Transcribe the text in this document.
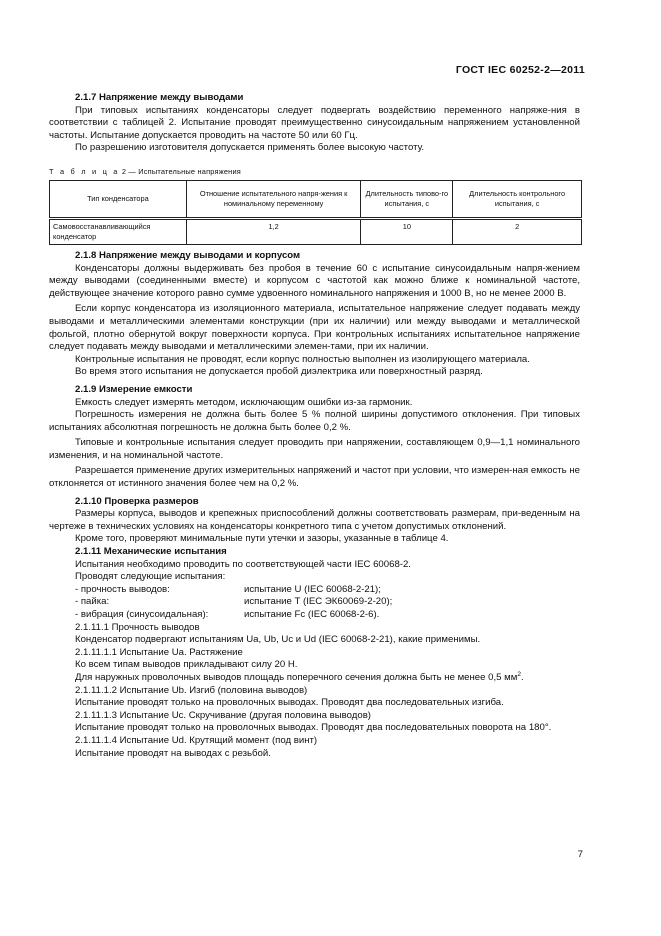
ГОСТ IEC 60252-2—2011
2.1.7 Напряжение между выводами

При типовых испытаниях конденсаторы следует подвергать воздействию переменного напряже-ния в соответствии с таблицей 2. Испытание проводят преимущественно синусоидальным напряжением установленной частоты. Испытание допускается проводить на частоте 50 или 60 Гц.

По разрешению изготовителя допускается применять более высокую частоту.

Т а б л и ц а 2 — Испытательные напряжения
Тип конденсатора	Отношение испытательного напря-жения к номинальному переменному	Длительность типово-го испытания, с	Длительность контрольного испытания, с
Самовосстанавливающийся конденсатор	1,2	10	2
2.1.8 Напряжение между выводами и корпусом

Конденсаторы должны выдерживать без пробоя в течение 60 с испытание синусоидальным напря-жением между выводами (соединенными вместе) и корпусом с частотой как можно ближе к номинальной частоте, действующее значение которого равно сумме удвоенного номинального напряжения и 1000 В, но не менее 2000 В.

Если корпус конденсатора из изоляционного материала, испытательное напряжение следует подавать между выводами и металлическими элементами конструкции (при их наличии) или между выводами и металлической фольгой, плотно обернутой вокруг поверхности корпуса. При контрольных испытаниях испытательное напряжение следует подавать между выводами и металлическими элемен-тами, при их наличии.

Контрольные испытания не проводят, если корпус полностью выполнен из изолирующего материала.

Во время этого испытания не допускается пробой диэлектрика или поверхностный разряд.

2.1.9 Измерение емкости

Емкость следует измерять методом, исключающим ошибки из-за гармоник.

Погрешность измерения не должна быть более 5 % полной ширины допустимого отклонения. При типовых испытаниях абсолютная погрешность не должна быть более 0,2 %.

Типовые и контрольные испытания следует проводить при напряжении, составляющем 0,9—1,1 номинального изменения, и на номинальной частоте.

Разрешается применение других измерительных напряжений и частот при условии, что измерен-ная емкость не отклоняется от истинного значения более чем на 0,2 %.

2.1.10 Проверка размеров

Размеры корпуса, выводов и крепежных приспособлений должны соответствовать размерам, при-веденным на чертеже в технических условиях на конденсаторы конкретного типа с учетом допустимых отклонений.

Кроме того, проверяют минимальные пути утечки и зазоры, указанные в таблице 4.

2.1.11 Механические испытания

Испытания необходимо проводить по соответствующей части IEC 60068-2.

Проводят следующие испытания:

- прочность выводов:	испытание U (IEC 60068-2-21);
- пайка:	испытание Т (IEC ЭК60069-2-20);
- вибрация (синусоидальная):	испытание Fc (IEC 60068-2-6).

2.1.11.1 Прочность выводов

Конденсатор подвергают испытаниям Ua, Ub, Uc и Ud (IEC 60068-2-21), какие применимы.

2.1.11.1.1 Испытание Ua. Растяжение

Ко всем типам выводов прикладывают силу 20 Н.

Для наружных проволочных выводов площадь поперечного сечения должна быть не менее 0,5 $мм^2$.

2.1.11.1.2 Испытание Ub. Изгиб (половина выводов)

Испытание проводят только на проволочных выводах. Проводят два последовательных изгиба.

2.1.11.1.3 Испытание Uc. Скручивание (другая половина выводов)

Испытание проводят только на проволочных выводах. Проводят два последовательных поворота на 180°.

2.1.11.1.4 Испытание Ud. Крутящий момент (под винт)

Испытание проводят на выводах с резьбой.

7
